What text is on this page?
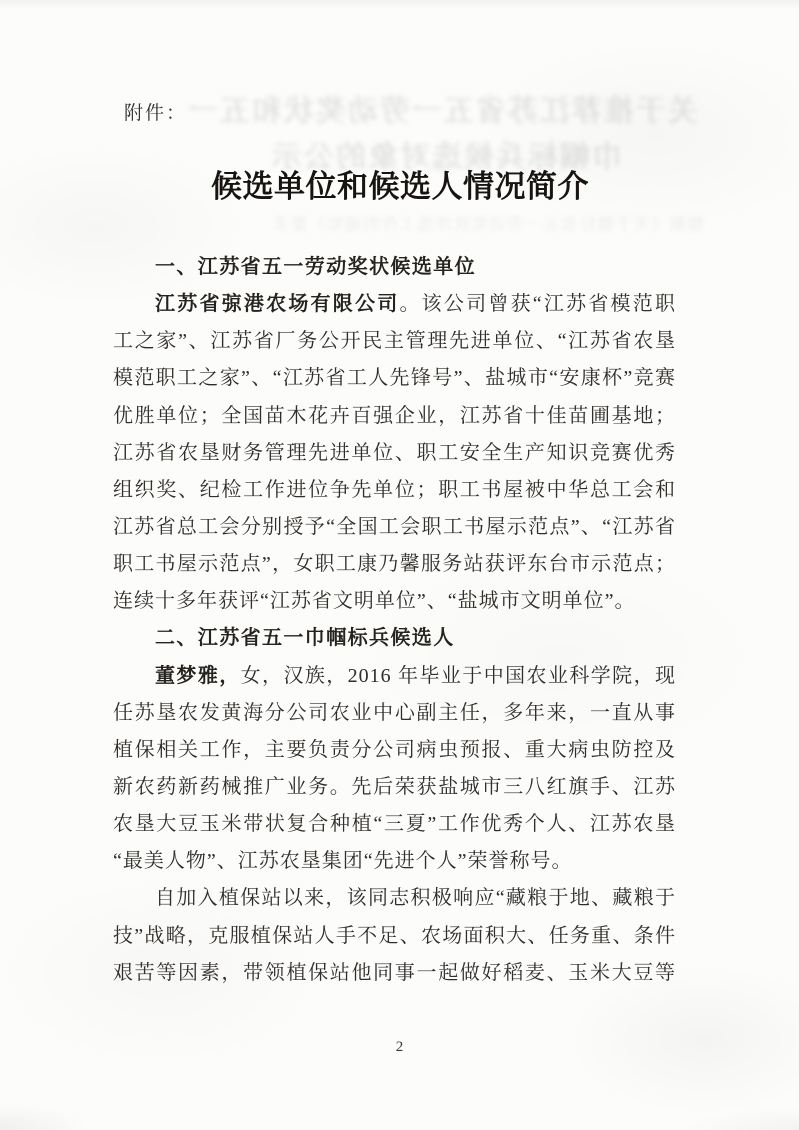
关于推荐江苏省五一劳动奖状和五一
巾帼标兵候选对象的公示
根据《关于做好省五一劳动奖状评选工作的通知》要求
附件：
候选单位和候选人情况简介
一、江苏省五一劳动奖状候选单位
江苏省弶港农场有限公司。该公司曾获“江苏省模范职
工之家”、江苏省厂务公开民主管理先进单位、“江苏省农垦
模范职工之家”、“江苏省工人先锋号”、盐城市“安康杯”竞赛
优胜单位；全国苗木花卉百强企业，江苏省十佳苗圃基地；
江苏省农垦财务管理先进单位、职工安全生产知识竞赛优秀
组织奖、纪检工作进位争先单位；职工书屋被中华总工会和
江苏省总工会分别授予“全国工会职工书屋示范点”、“江苏省
职工书屋示范点”，女职工康乃馨服务站获评东台市示范点；
连续十多年获评“江苏省文明单位”、“盐城市文明单位”。
二、江苏省五一巾帼标兵候选人
董梦雅，女，汉族，2016 年毕业于中国农业科学院，现
任苏垦农发黄海分公司农业中心副主任，多年来，一直从事
植保相关工作，主要负责分公司病虫预报、重大病虫防控及
新农药新药械推广业务。先后荣获盐城市三八红旗手、江苏
农垦大豆玉米带状复合种植“三夏”工作优秀个人、江苏农垦
“最美人物”、江苏农垦集团“先进个人”荣誉称号。
自加入植保站以来，该同志积极响应“藏粮于地、藏粮于
技”战略，克服植保站人手不足、农场面积大、任务重、条件
艰苦等因素，带领植保站他同事一起做好稻麦、玉米大豆等
2
